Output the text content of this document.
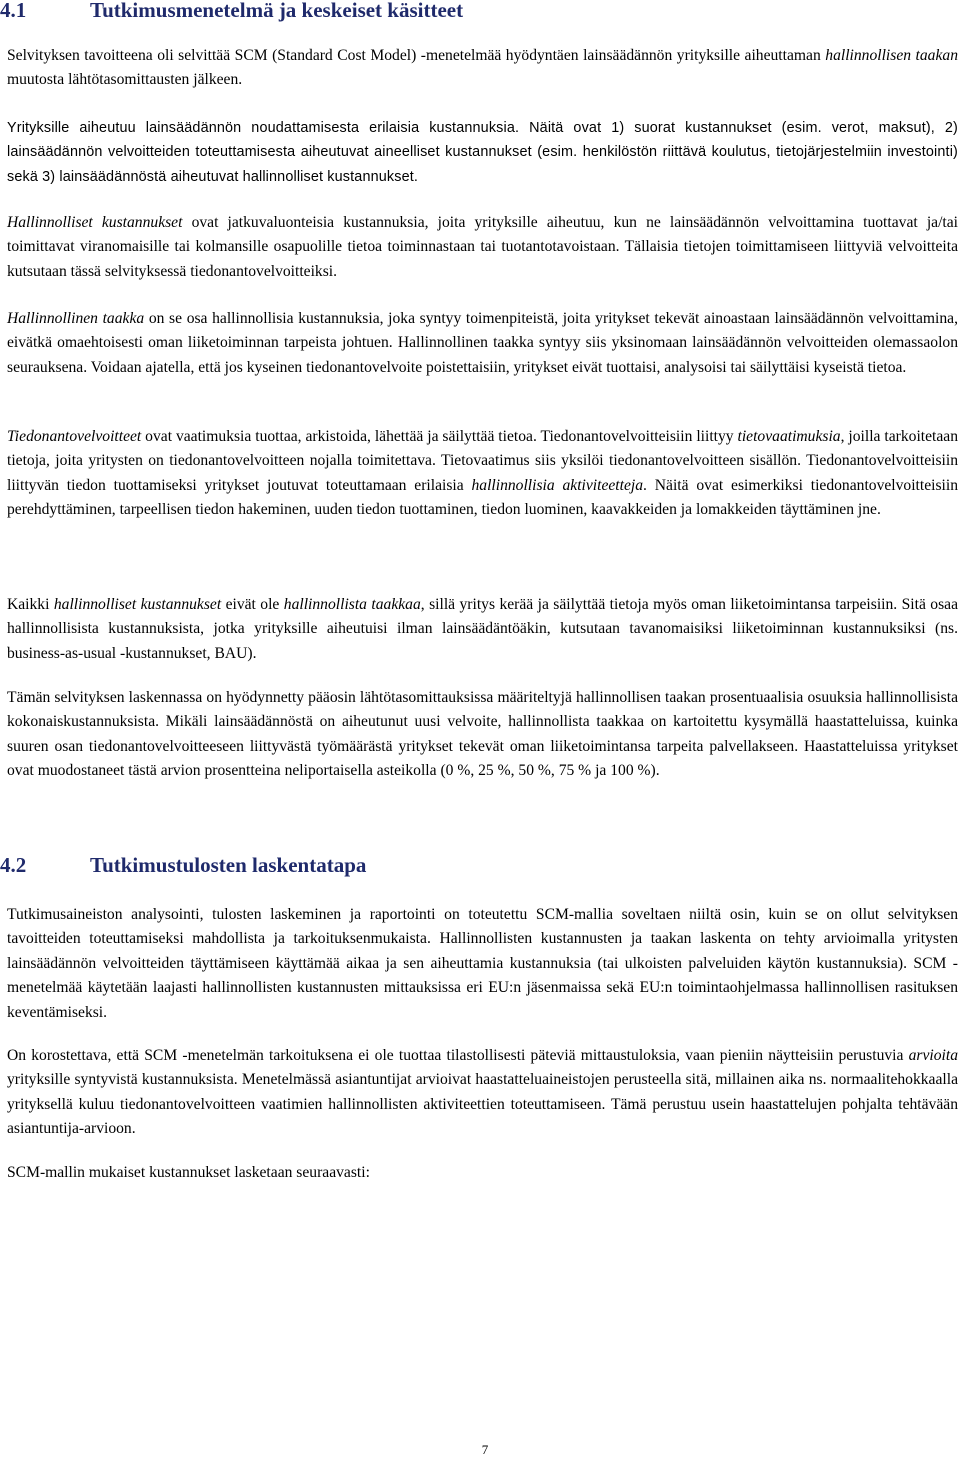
4.1	Tutkimusmenetelmä ja keskeiset käsitteet

Selvityksen tavoitteena oli selvittää SCM (Standard Cost Model) -menetelmää hyödyntäen lainsäädännön yrityksille aiheuttaman hallinnollisen taakan muutosta lähtötasomittausten jälkeen.

Yrityksille aiheutuu lainsäädännön noudattamisesta erilaisia kustannuksia. Näitä ovat 1) suorat kustannukset (esim. verot, maksut), 2) lainsäädännön velvoitteiden toteuttamisesta aiheutuvat aineelliset kustannukset (esim. henkilöstön riittävä koulutus, tietojärjestelmiin investointi) sekä 3) lainsäädännöstä aiheutuvat hallinnolliset kustannukset.

Hallinnolliset kustannukset ovat jatkuvaluonteisia kustannuksia, joita yrityksille aiheutuu, kun ne lainsäädännön velvoittamina tuottavat ja/tai toimittavat viranomaisille tai kolmansille osapuolille tietoa toiminnastaan tai tuotantotavoistaan. Tällaisia tietojen toimittamiseen liittyviä velvoitteita kutsutaan tässä selvityksessä tiedonantovelvoitteiksi.

Hallinnollinen taakka on se osa hallinnollisia kustannuksia, joka syntyy toimenpiteistä, joita yritykset tekevät ainoastaan lainsäädännön velvoittamina, eivätkä omaehtoisesti oman liiketoiminnan tarpeista johtuen. Hallinnollinen taakka syntyy siis yksinomaan lainsäädännön velvoitteiden olemassaolon seurauksena. Voidaan ajatella, että jos kyseinen tiedonantovelvoite poistettaisiin, yritykset eivät tuottaisi, analysoisi tai säilyttäisi kyseistä tietoa.

Tiedonantovelvoitteet ovat vaatimuksia tuottaa, arkistoida, lähettää ja säilyttää tietoa. Tiedonantovelvoitteisiin liittyy tietovaatimuksia, joilla tarkoitetaan tietoja, joita yritysten on tiedonantovelvoitteen nojalla toimitettava. Tietovaatimus siis yksilöi tiedonantovelvoitteen sisällön. Tiedonantovelvoitteisiin liittyvän tiedon tuottamiseksi yritykset joutuvat toteuttamaan erilaisia hallinnollisia aktiviteetteja. Näitä ovat esimerkiksi tiedonantovelvoitteisiin perehdyttäminen, tarpeellisen tiedon hakeminen, uuden tiedon tuottaminen, tiedon luominen, kaavakkeiden ja lomakkeiden täyttäminen jne.

Kaikki hallinnolliset kustannukset eivät ole hallinnollista taakkaa, sillä yritys kerää ja säilyttää tietoja myös oman liiketoimintansa tarpeisiin. Sitä osaa hallinnollisista kustannuksista, jotka yrityksille aiheutuisi ilman lainsäädäntöäkin, kutsutaan tavanomaisiksi liiketoiminnan kustannuksiksi (ns. business-as-usual -kustannukset, BAU).

Tämän selvityksen laskennassa on hyödynnetty pääosin lähtötasomittauksissa määriteltyjä hallinnollisen taakan prosentuaalisia osuuksia hallinnollisista kokonaiskustannuksista. Mikäli lainsäädännöstä on aiheutunut uusi velvoite, hallinnollista taakkaa on kartoitettu kysymällä haastatteluissa, kuinka suuren osan tiedonantovelvoitteeseen liittyvästä työmäärästä yritykset tekevät oman liiketoimintansa tarpeita palvellakseen. Haastatteluissa yritykset ovat muodostaneet tästä arvion prosentteina neliportaisella asteikolla (0 %, 25 %, 50 %, 75 % ja 100 %).

4.2	Tutkimustulosten laskentatapa

Tutkimusaineiston analysointi, tulosten laskeminen ja raportointi on toteutettu SCM-mallia soveltaen niiltä osin, kuin se on ollut selvityksen tavoitteiden toteuttamiseksi mahdollista ja tarkoituksenmukaista. Hallinnollisten kustannusten ja taakan laskenta on tehty arvioimalla yritysten lainsäädännön velvoitteiden täyttämiseen käyttämää aikaa ja sen aiheuttamia kustannuksia (tai ulkoisten palveluiden käytön kustannuksia). SCM -menetelmää käytetään laajasti hallinnollisten kustannusten mittauksissa eri EU:n jäsenmaissa sekä EU:n toimintaohjelmassa hallinnollisen rasituksen keventämiseksi.

On korostettava, että SCM -menetelmän tarkoituksena ei ole tuottaa tilastollisesti päteviä mittaustuloksia, vaan pieniin näytteisiin perustuvia arvioita yrityksille syntyvistä kustannuksista. Menetelmässä asiantuntijat arvioivat haastatteluaineistojen perusteella sitä, millainen aika ns. normaalitehokkaalla yrityksellä kuluu tiedonantovelvoitteen vaatimien hallinnollisten aktiviteettien toteuttamiseen. Tämä perustuu usein haastattelujen pohjalta tehtävään asiantuntija-arvioon.

SCM-mallin mukaiset kustannukset lasketaan seuraavasti:

7
